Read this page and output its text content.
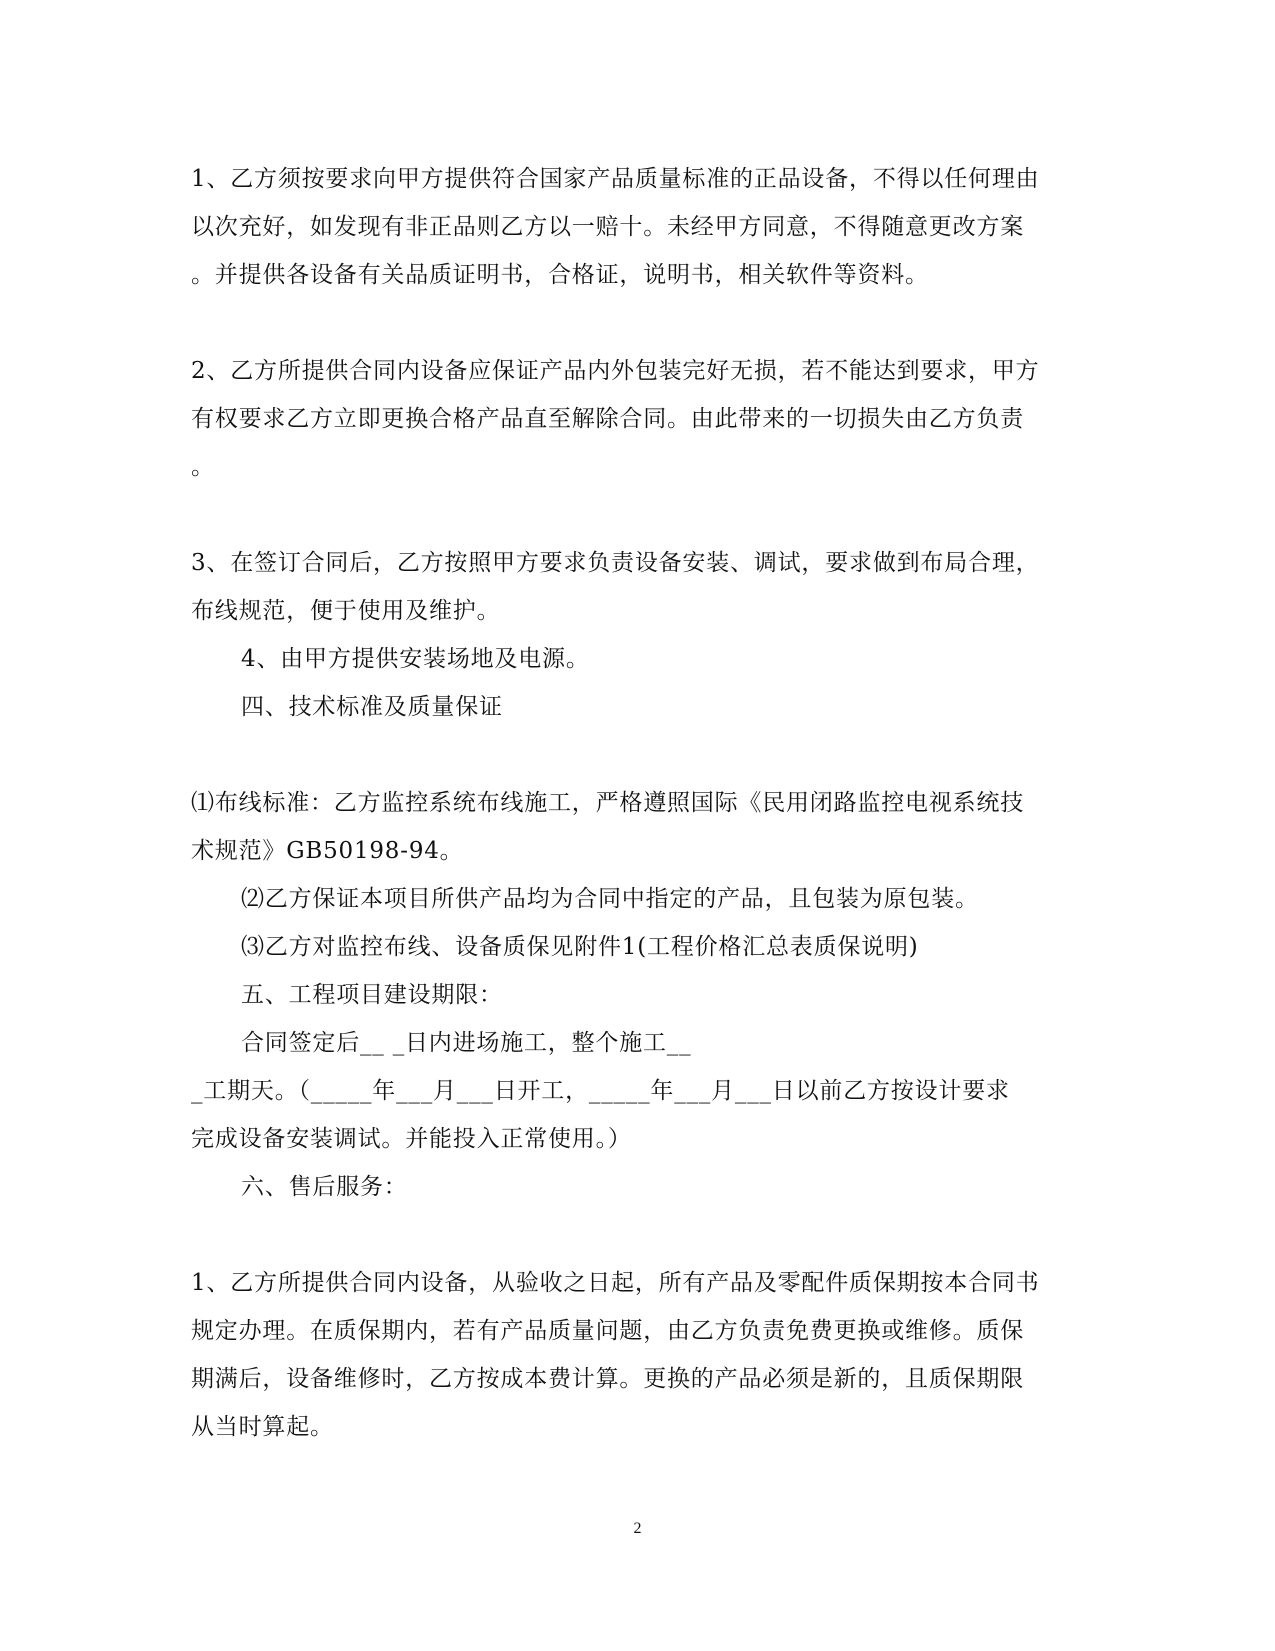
1、乙方须按要求向甲方提供符合国家产品质量标准的正品设备，不得以任何理由
以次充好，如发现有非正品则乙方以一赔十。未经甲方同意，不得随意更改方案
。并提供各设备有关品质证明书，合格证，说明书，相关软件等资料。
2、乙方所提供合同内设备应保证产品内外包装完好无损，若不能达到要求，甲方
有权要求乙方立即更换合格产品直至解除合同。由此带来的一切损失由乙方负责
。
3、在签订合同后，乙方按照甲方要求负责设备安装、调试，要求做到布局合理，
布线规范，便于使用及维护。
4、由甲方提供安装场地及电源。
四、技术标准及质量保证
⑴布线标准：乙方监控系统布线施工，严格遵照国际《民用闭路监控电视系统技
术规范》GB50198-94。
⑵乙方保证本项目所供产品均为合同中指定的产品，且包装为原包装。
⑶乙方对监控布线、设备质保见附件1(工程价格汇总表质保说明)
五、工程项目建设期限：
合同签定后__ _日内进场施工，整个施工__
_工期天。（_____年___月___日开工，_____年___月___日以前乙方按设计要求
完成设备安装调试。并能投入正常使用。）
六、售后服务：
1、乙方所提供合同内设备，从验收之日起，所有产品及零配件质保期按本合同书
规定办理。在质保期内，若有产品质量问题，由乙方负责免费更换或维修。质保
期满后，设备维修时，乙方按成本费计算。更换的产品必须是新的，且质保期限
从当时算起。
2
